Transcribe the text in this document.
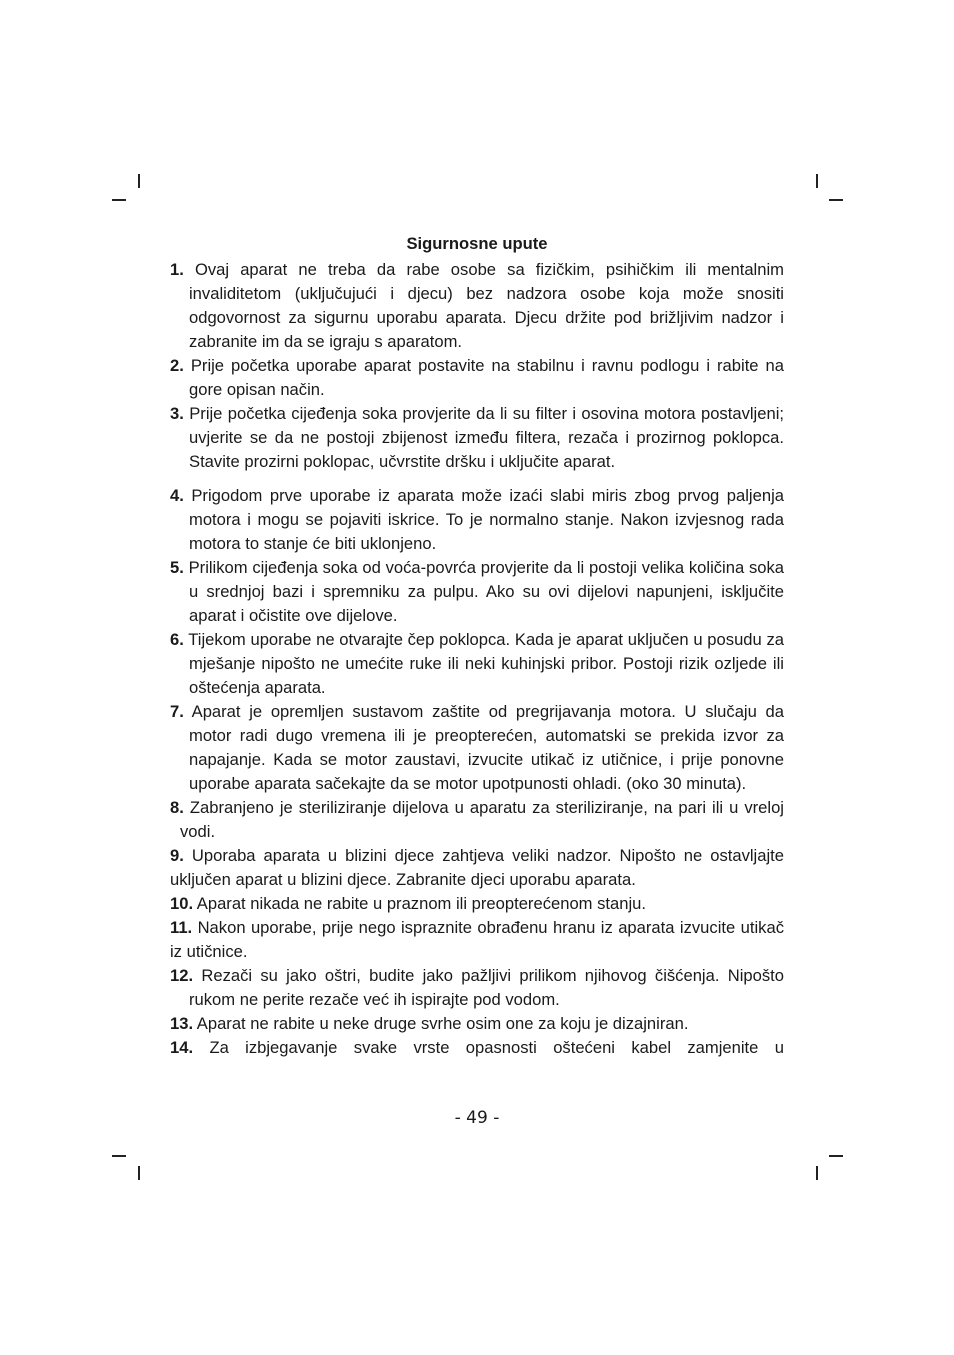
Sigurnosne upute
1. Ovaj aparat ne treba da rabe osobe sa fizičkim, psihičkim ili mentalnim invaliditetom (uključujući i djecu) bez nadzora osobe koja može snositi odgovornost za sigurnu uporabu aparata. Djecu držite pod brižljivim nadzor i zabranite im da se igraju s aparatom.
2. Prije početka uporabe aparat postavite na stabilnu i ravnu podlogu i rabite na gore opisan način.
3. Prije početka cijeđenja soka provjerite da li su filter i osovina motora postavljeni; uvjerite se da ne postoji zbijenost između filtera, rezača i prozirnog poklopca. Stavite prozirni poklopac, učvrstite dršku i uključite aparat.
4. Prigodom prve uporabe iz aparata može izaći slabi miris zbog prvog paljenja motora i mogu se pojaviti iskrice. To je normalno stanje. Nakon izvjesnog rada motora to stanje će biti uklonjeno.
5. Prilikom cijeđenja soka od voća-povrća provjerite da li postoji velika količina soka u srednjoj bazi i spremniku za pulpu. Ako su ovi dijelovi napunjeni, isključite aparat i očistite ove dijelove.
6. Tijekom uporabe ne otvarajte čep poklopca. Kada je aparat uključen u posudu za mješanje nipošto ne umećite ruke ili neki kuhinjski pribor. Postoji rizik ozljede ili oštećenja aparata.
7. Aparat je opremljen sustavom zaštite od pregrijavanja motora. U slučaju da motor radi dugo vremena ili je preopterećen, automatski se prekida izvor za napajanje. Kada se motor zaustavi, izvucite utikač iz utičnice, i prije ponovne uporabe aparata sačekajte da se motor upotpunosti ohladi. (oko 30 minuta).
8. Zabranjeno je steriliziranje dijelova u aparatu za steriliziranje, na pari ili u vreloj vodi.
9. Uporaba aparata u blizini djece zahtjeva veliki nadzor. Nipošto ne ostavljajte uključen aparat u blizini djece. Zabranite djeci uporabu aparata.
10. Aparat nikada ne rabite u praznom ili preopterećenom stanju.
11. Nakon uporabe, prije nego ispraznite obrađenu hranu iz aparata izvucite utikač iz utičnice.
12. Rezači su jako oštri, budite jako pažljivi prilikom njihovog čišćenja. Nipošto rukom ne perite rezače već ih ispirajte pod vodom.
13. Aparat ne rabite u neke druge svrhe osim one za koju je dizajniran.
14. Za izbjegavanje svake vrste opasnosti oštećeni kabel zamjenite u
- 49 -
